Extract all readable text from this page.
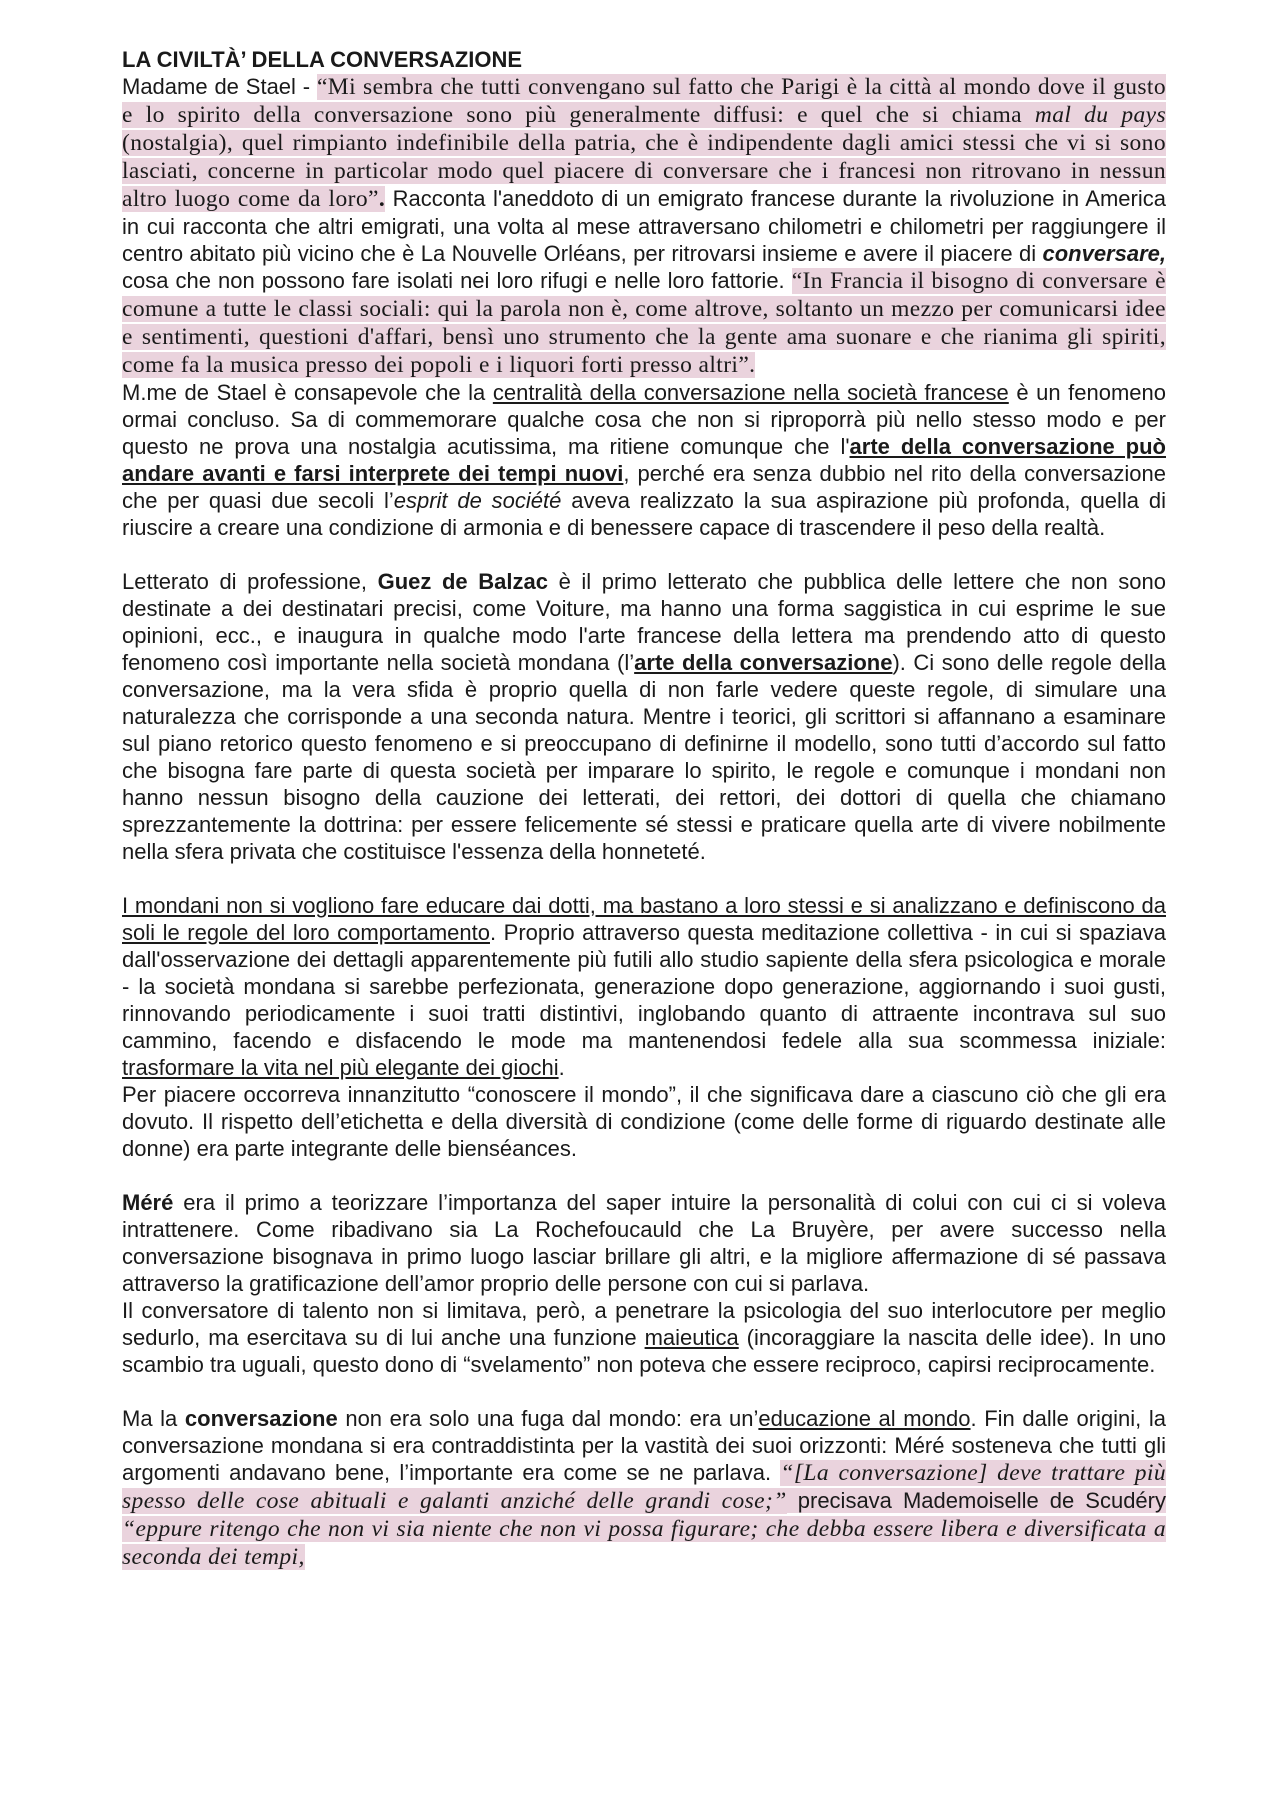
LA CIVILTÀ’ DELLA CONVERSAZIONE

Madame de Stael - “Mi sembra che tutti convengano sul fatto che Parigi è la città al mondo dove il gusto e lo spirito della conversazione sono più generalmente diffusi: e quel che si chiama mal du pays (nostalgia), quel rimpianto indefinibile della patria, che è indipendente dagli amici stessi che vi si sono lasciati, concerne in particolar modo quel piacere di conversare che i francesi non ritrovano in nessun altro luogo come da loro”. Racconta l'aneddoto di un emigrato francese durante la rivoluzione in America in cui racconta che altri emigrati, una volta al mese attraversano chilometri e chilometri per raggiungere il centro abitato più vicino che è La Nouvelle Orléans, per ritrovarsi insieme e avere il piacere di conversare, cosa che non possono fare isolati nei loro rifugi e nelle loro fattorie. “In Francia il bisogno di conversare è comune a tutte le classi sociali: qui la parola non è, come altrove, soltanto un mezzo per comunicarsi idee e sentimenti, questioni d'affari, bensì uno strumento che la gente ama suonare e che rianima gli spiriti, come fa la musica presso dei popoli e i liquori forti presso altri”.

M.me de Stael è consapevole che la centralità della conversazione nella società francese è un fenomeno ormai concluso. Sa di commemorare qualche cosa che non si riproporrà più nello stesso modo e per questo ne prova una nostalgia acutissima, ma ritiene comunque che l'arte della conversazione può andare avanti e farsi interprete dei tempi nuovi, perché era senza dubbio nel rito della conversazione che per quasi due secoli l’esprit de société aveva realizzato la sua aspirazione più profonda, quella di riuscire a creare una condizione di armonia e di benessere capace di trascendere il peso della realtà.

Letterato di professione, Guez de Balzac è il primo letterato che pubblica delle lettere che non sono destinate a dei destinatari precisi, come Voiture, ma hanno una forma saggistica in cui esprime le sue opinioni, ecc., e inaugura in qualche modo l'arte francese della lettera ma prendendo atto di questo fenomeno così importante nella società mondana (l’arte della conversazione). Ci sono delle regole della conversazione, ma la vera sfida è proprio quella di non farle vedere queste regole, di simulare una naturalezza che corrisponde a una seconda natura. Mentre i teorici, gli scrittori si affannano a esaminare sul piano retorico questo fenomeno e si preoccupano di definirne il modello, sono tutti d’accordo sul fatto che bisogna fare parte di questa società per imparare lo spirito, le regole e comunque i mondani non hanno nessun bisogno della cauzione dei letterati, dei rettori, dei dottori di quella che chiamano sprezzantemente la dottrina: per essere felicemente sé stessi e praticare quella arte di vivere nobilmente nella sfera privata che costituisce l'essenza della honneteté.

I mondani non si vogliono fare educare dai dotti, ma bastano a loro stessi e si analizzano e definiscono da soli le regole del loro comportamento. Proprio attraverso questa meditazione collettiva - in cui si spaziava dall'osservazione dei dettagli apparentemente più futili allo studio sapiente della sfera psicologica e morale - la società mondana si sarebbe perfezionata, generazione dopo generazione, aggiornando i suoi gusti, rinnovando periodicamente i suoi tratti distintivi, inglobando quanto di attraente incontrava sul suo cammino, facendo e disfacendo le mode ma mantenendosi fedele alla sua scommessa iniziale: trasformare la vita nel più elegante dei giochi.

Per piacere occorreva innanzitutto “conoscere il mondo”, il che significava dare a ciascuno ciò che gli era dovuto. Il rispetto dell’etichetta e della diversità di condizione (come delle forme di riguardo destinate alle donne) era parte integrante delle bienséances.

Méré era il primo a teorizzare l’importanza del saper intuire la personalità di colui con cui ci si voleva intrattenere. Come ribadivano sia La Rochefoucauld che La Bruyère, per avere successo nella conversazione bisognava in primo luogo lasciar brillare gli altri, e la migliore affermazione di sé passava attraverso la gratificazione dell’amor proprio delle persone con cui si parlava.

Il conversatore di talento non si limitava, però, a penetrare la psicologia del suo interlocutore per meglio sedurlo, ma esercitava su di lui anche una funzione maieutica (incoraggiare la nascita delle idee). In uno scambio tra uguali, questo dono di “svelamento” non poteva che essere reciproco, capirsi reciprocamente.

Ma la conversazione non era solo una fuga dal mondo: era un’educazione al mondo. Fin dalle origini, la conversazione mondana si era contraddistinta per la vastità dei suoi orizzonti: Méré sosteneva che tutti gli argomenti andavano bene, l’importante era come se ne parlava. “[La conversazione] deve trattare più spesso delle cose abituali e galanti anziché delle grandi cose;” precisava Mademoiselle de Scudéry “eppure ritengo che non vi sia niente che non vi possa figurare; che debba essere libera e diversificata a seconda dei tempi,
